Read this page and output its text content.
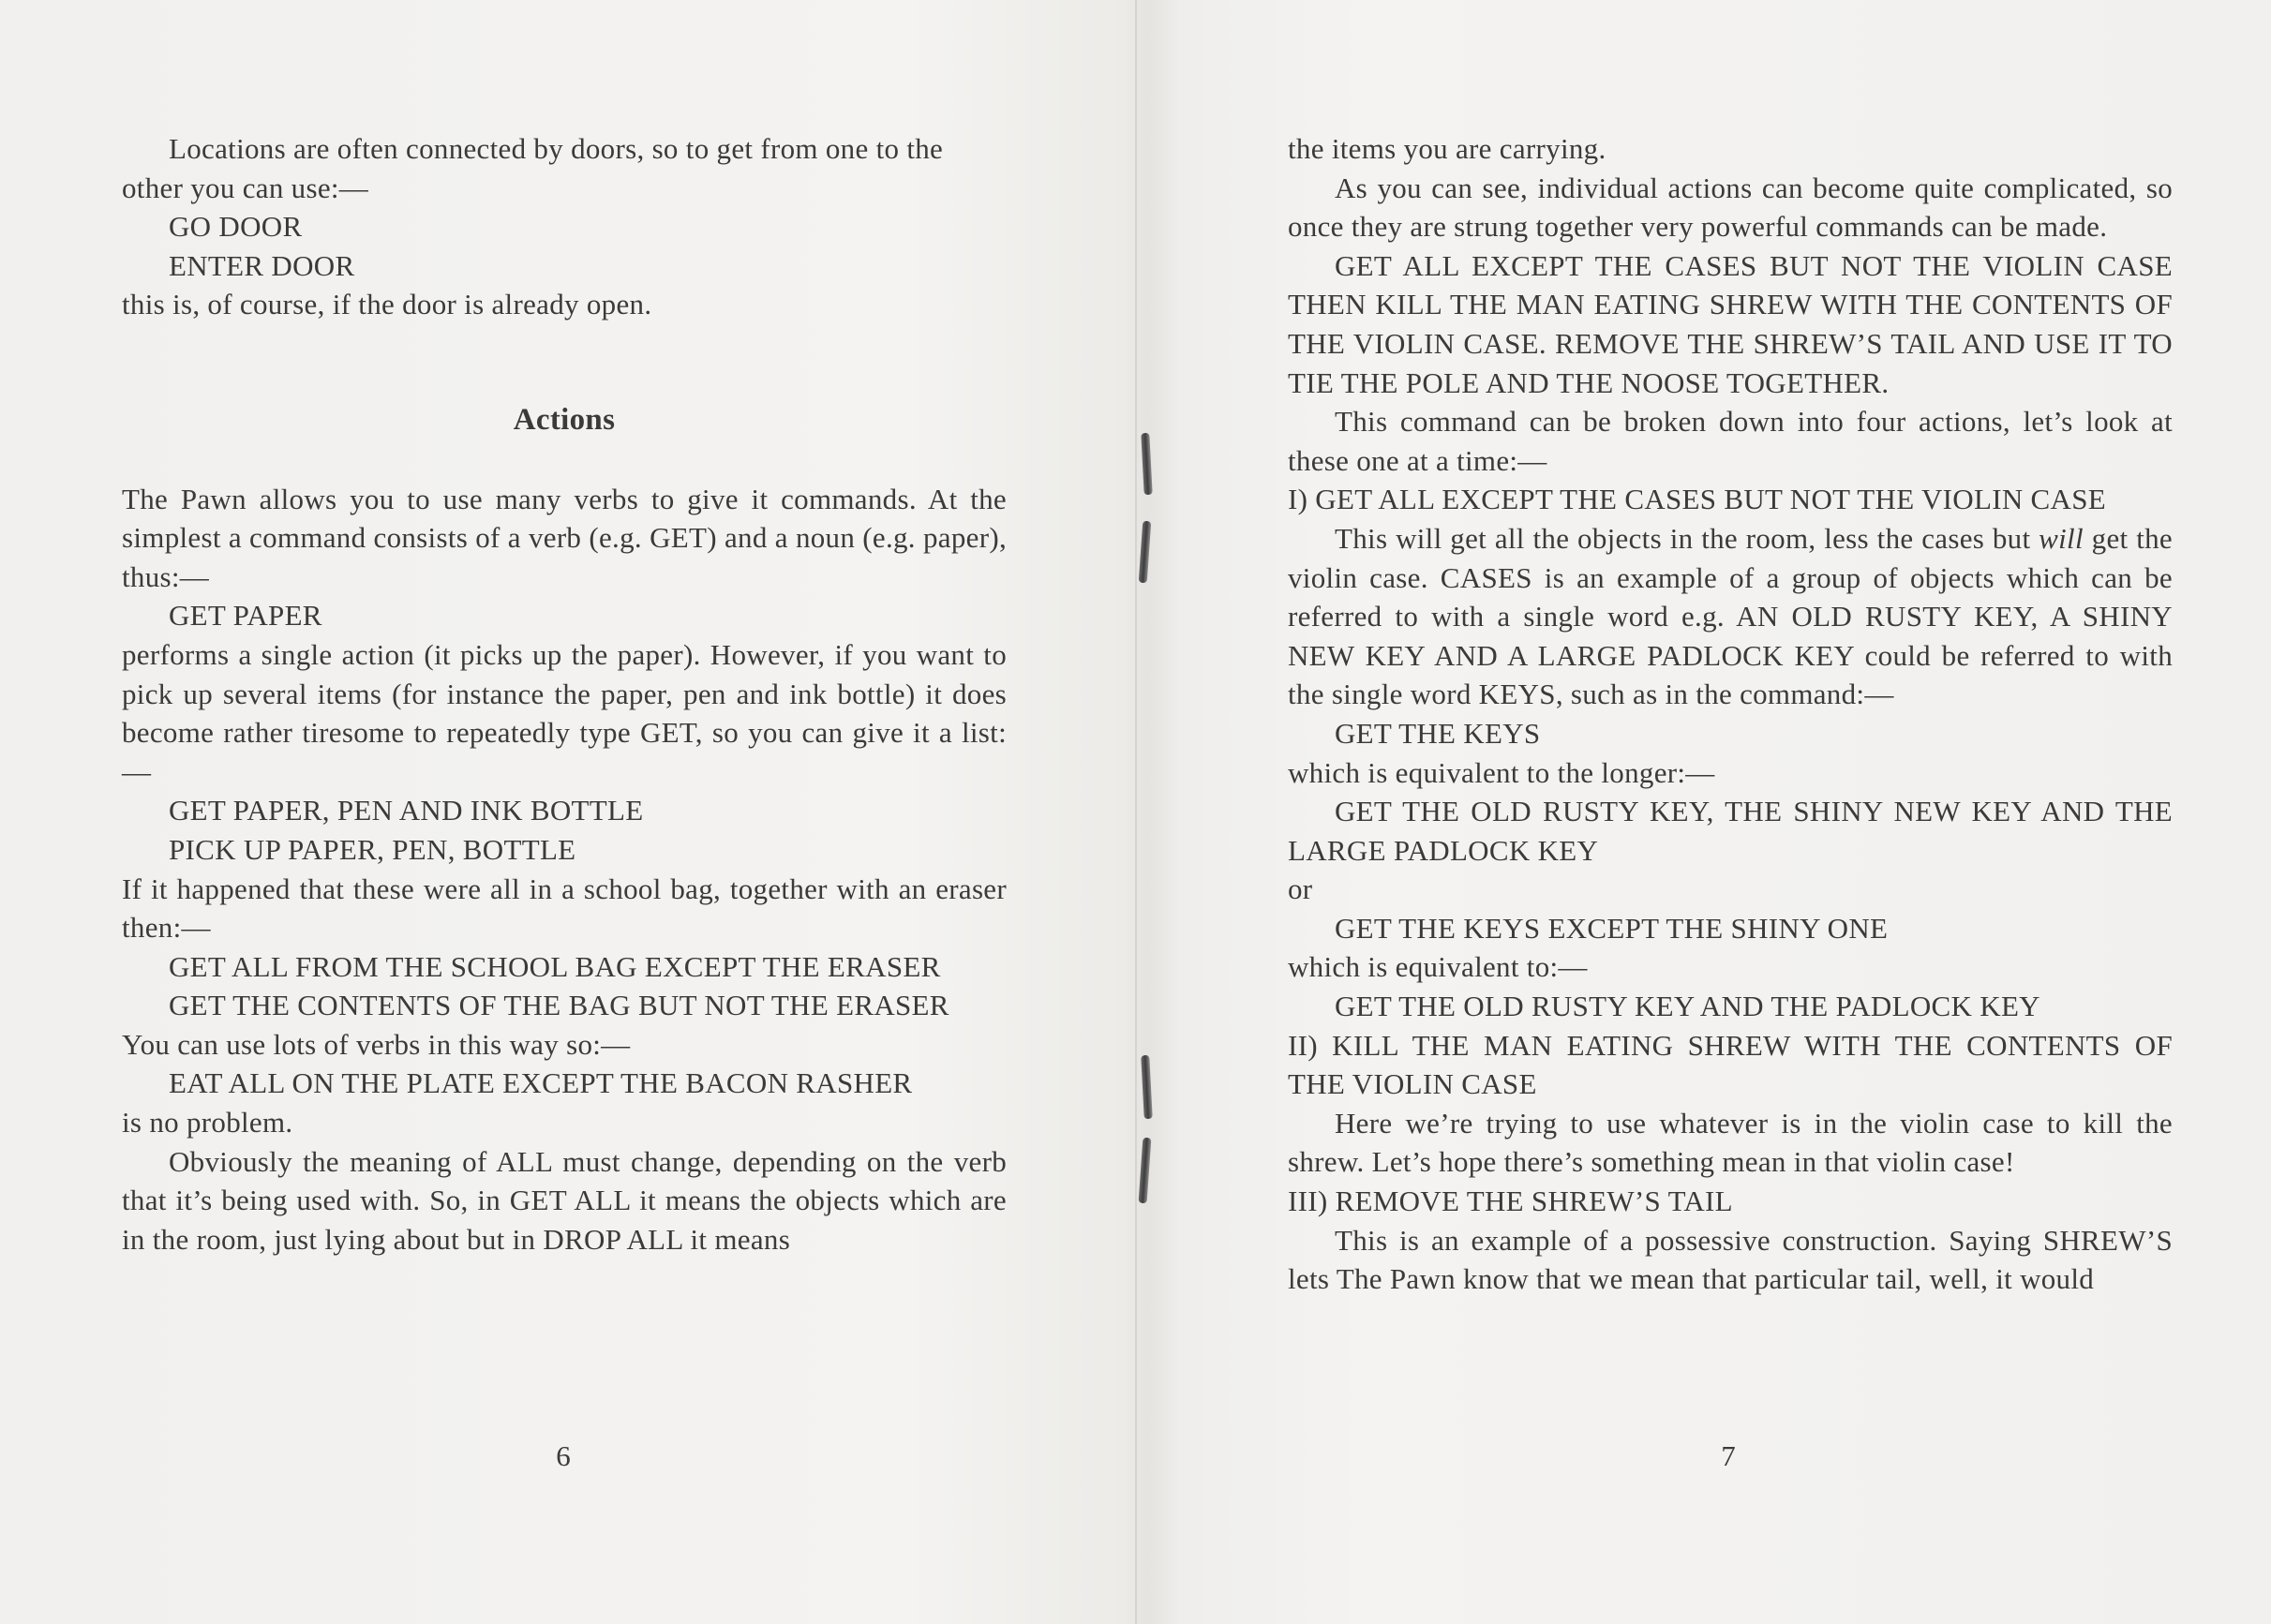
Locations are often connected by doors, so to get from one to the

other you can use:—

GO DOOR

ENTER DOOR

this is, of course, if the door is already open.

Actions

The Pawn allows you to use many verbs to give it commands. At the simplest a command consists of a verb (e.g. GET) and a noun (e.g. paper), thus:—

GET PAPER

performs a single action (it picks up the paper). However, if you want to pick up several items (for instance the paper, pen and ink bottle) it does become rather tiresome to repeatedly type GET, so you can give it a list:—

GET PAPER, PEN AND INK BOTTLE

PICK UP PAPER, PEN, BOTTLE

If it happened that these were all in a school bag, together with an eraser then:—

GET ALL FROM THE SCHOOL BAG EXCEPT THE ERASER

GET THE CONTENTS OF THE BAG BUT NOT THE ERASER

You can use lots of verbs in this way so:—

EAT ALL ON THE PLATE EXCEPT THE BACON RASHER

is no problem.

Obviously the meaning of ALL must change, depending on the verb that it’s being used with. So, in GET ALL it means the objects which are in the room, just lying about but in DROP ALL it means

6

the items you are carrying.

As you can see, individual actions can become quite complicated, so once they are strung together very powerful commands can be made.

GET ALL EXCEPT THE CASES BUT NOT THE VIOLIN CASE THEN KILL THE MAN EATING SHREW WITH THE CONTENTS OF THE VIOLIN CASE. REMOVE THE SHREW’S TAIL AND USE IT TO TIE THE POLE AND THE NOOSE TOGETHER.

This command can be broken down into four actions, let’s look at these one at a time:—

I) GET ALL EXCEPT THE CASES BUT NOT THE VIOLIN CASE

This will get all the objects in the room, less the cases but will get the violin case. CASES is an example of a group of objects which can be referred to with a single word e.g. AN OLD RUSTY KEY, A SHINY NEW KEY AND A LARGE PADLOCK KEY could be referred to with the single word KEYS, such as in the command:—

GET THE KEYS

which is equivalent to the longer:—

GET THE OLD RUSTY KEY, THE SHINY NEW KEY AND THE LARGE PADLOCK KEY

or

GET THE KEYS EXCEPT THE SHINY ONE

which is equivalent to:—

GET THE OLD RUSTY KEY AND THE PADLOCK KEY

II) KILL THE MAN EATING SHREW WITH THE CONTENTS OF THE VIOLIN CASE

Here we’re trying to use whatever is in the violin case to kill the shrew. Let’s hope there’s something mean in that violin case!

III) REMOVE THE SHREW’S TAIL

This is an example of a possessive construction. Saying SHREW’S lets The Pawn know that we mean that particular tail, well, it would

7
